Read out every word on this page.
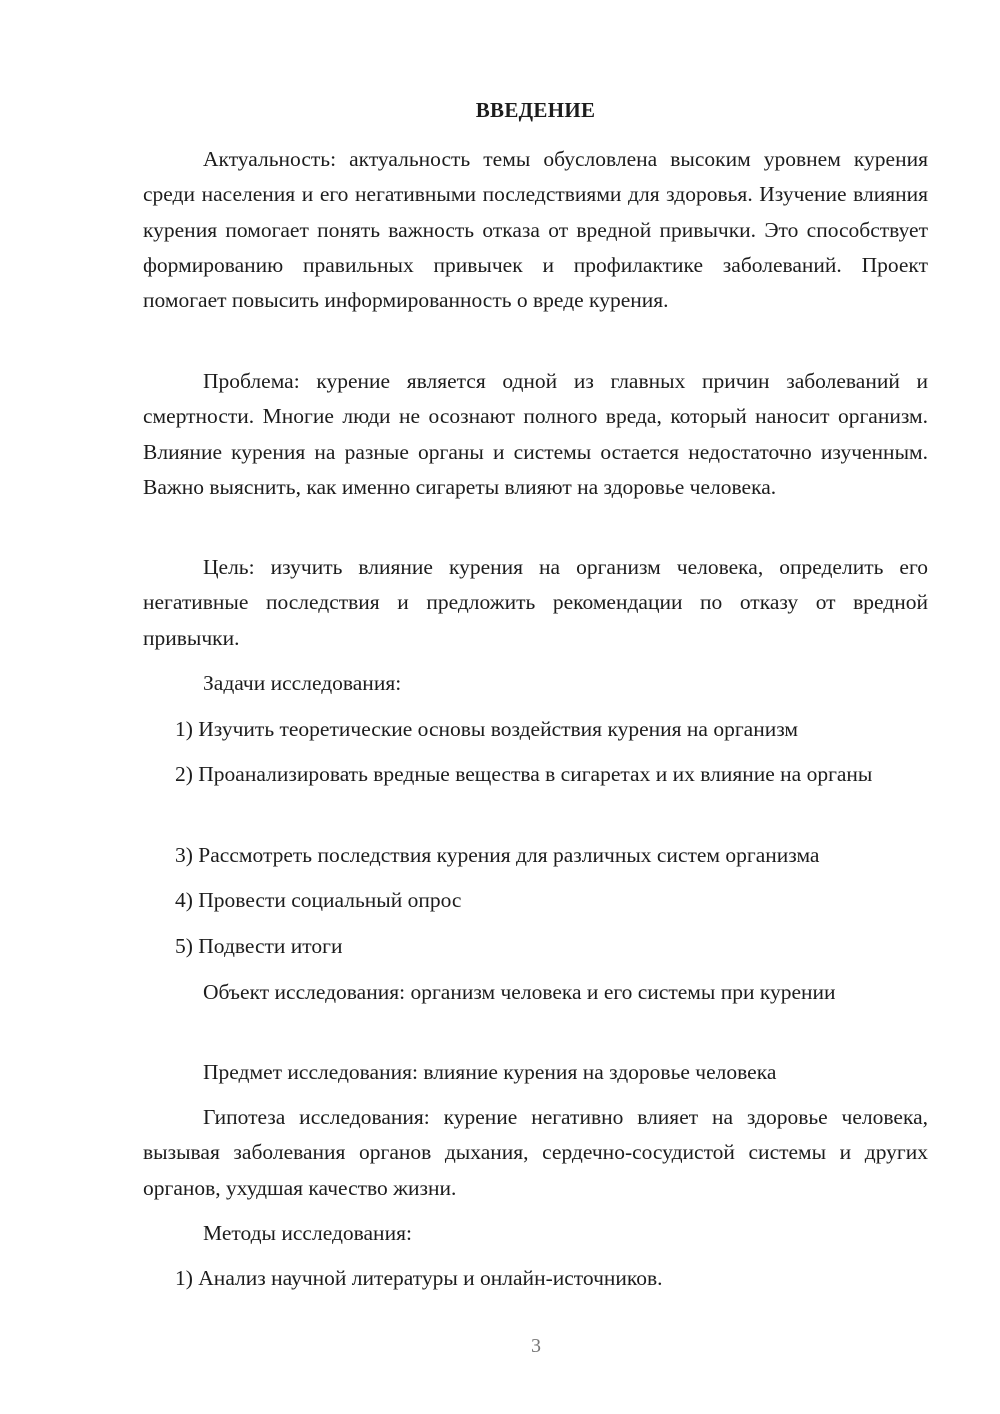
ВВЕДЕНИЕ

Актуальность: актуальность темы обусловлена высоким уровнем курения среди населения и его негативными последствиями для здоровья. Изучение влияния курения помогает понять важность отказа от вредной привычки. Это способствует формированию правильных привычек и профилактике заболеваний. Проект помогает повысить информированность о вреде курения.

Проблема: курение является одной из главных причин заболеваний и смертности. Многие люди не осознают полного вреда, который наносит организм. Влияние курения на разные органы и системы остается недостаточно изученным. Важно выяснить, как именно сигареты влияют на здоровье человека.

Цель: изучить влияние курения на организм человека, определить его негативные последствия и предложить рекомендации по отказу от вредной привычки.

Задачи исследования:

1) Изучить теоретические основы воздействия курения на организм

2) Проанализировать вредные вещества в сигаретах и их влияние на органы

3) Рассмотреть последствия курения для различных систем организма

4) Провести социальный опрос

5) Подвести итоги

Объект исследования: организм человека и его системы при курении

Предмет исследования: влияние курения на здоровье человека

Гипотеза исследования: курение негативно влияет на здоровье человека, вызывая заболевания органов дыхания, сердечно-сосудистой системы и других органов, ухудшая качество жизни.

Методы исследования:

1) Анализ научной литературы и онлайн-источников.

3
